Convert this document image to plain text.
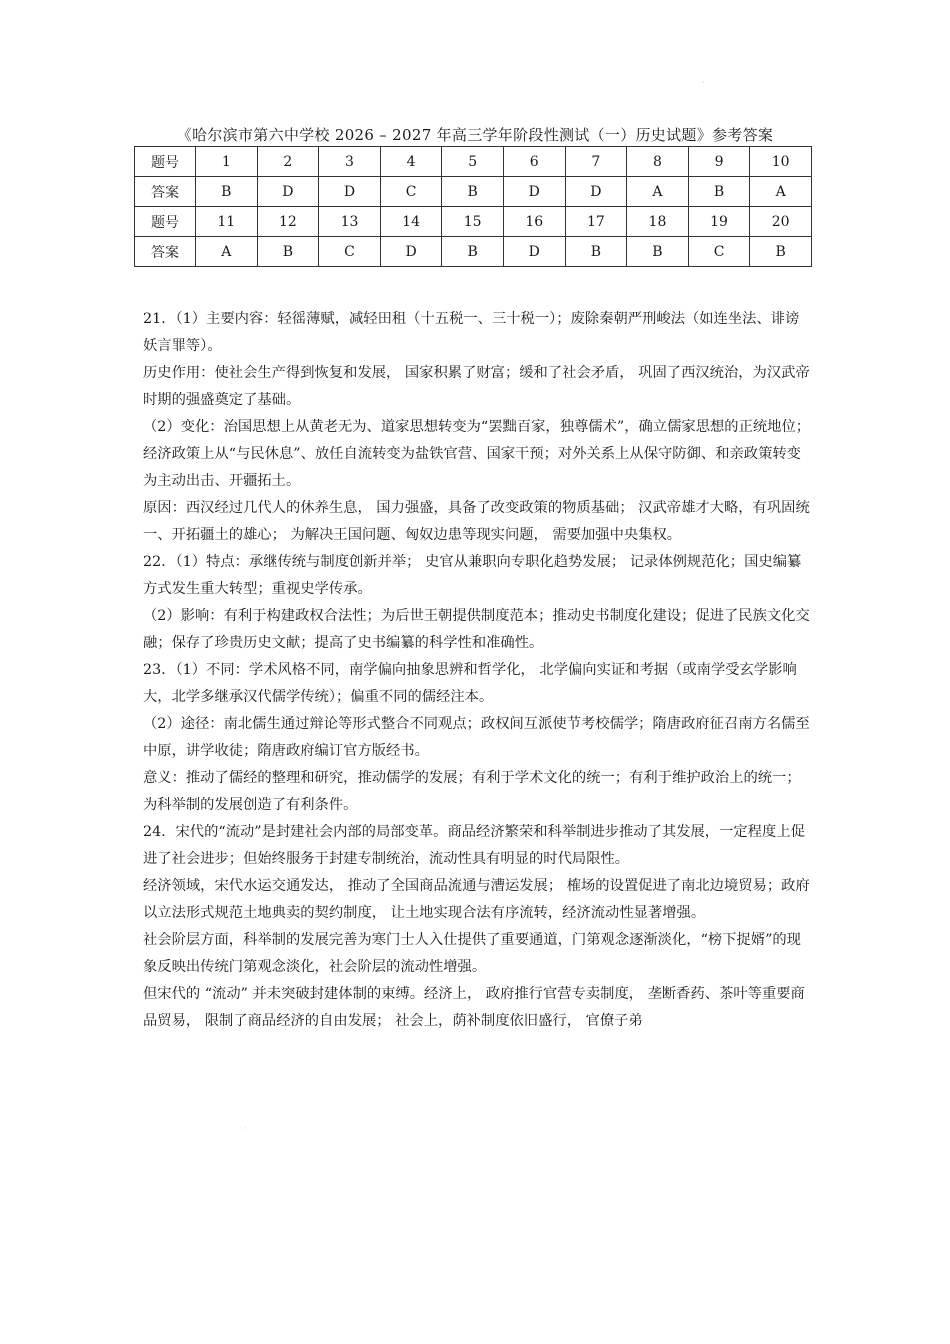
·
《哈尔滨市第六中学校 2026 – 2027 年高三学年阶段性测试（一）历史试题》参考答案
题号	1	2	3	4	5	6	7	8	9	10
答案	B	D	D	C	B	D	D	A	B	A
题号	11	12	13	14	15	16	17	18	19	20
答案	A	B	C	D	B	D	B	B	C	B

21．（1）主要内容：轻徭薄赋，减轻田租（十五税一、三十税一）；废除秦朝严刑峻法（如连坐法、诽谤妖言罪等）。

历史作用：使社会生产得到恢复和发展， 国家积累了财富；缓和了社会矛盾， 巩固了西汉统治，为汉武帝时期的强盛奠定了基础。

（2）变化：治国思想上从黄老无为、道家思想转变为“罢黜百家，独尊儒术”，确立儒家思想的正统地位；经济政策上从“与民休息”、放任自流转变为盐铁官营、国家干预；对外关系上从保守防御、和亲政策转变为主动出击、开疆拓土。

原因：西汉经过几代人的休养生息， 国力强盛，具备了改变政策的物质基础； 汉武帝雄才大略，有巩固统一、开拓疆土的雄心； 为解决王国问题、匈奴边患等现实问题， 需要加强中央集权。

22．（1）特点：承继传统与制度创新并举； 史官从兼职向专职化趋势发展； 记录体例规范化；国史编纂方式发生重大转型；重视史学传承。

（2）影响：有利于构建政权合法性；为后世王朝提供制度范本；推动史书制度化建设；促进了民族文化交融；保存了珍贵历史文献；提高了史书编纂的科学性和准确性。

23．（1）不同：学术风格不同，南学偏向抽象思辨和哲学化， 北学偏向实证和考据（或南学受玄学影响大，北学多继承汉代儒学传统）；偏重不同的儒经注本。

（2）途径：南北儒生通过辩论等形式整合不同观点；政权间互派使节考校儒学；隋唐政府征召南方名儒至中原，讲学收徒；隋唐政府编订官方版经书。

意义：推动了儒经的整理和研究，推动儒学的发展；有利于学术文化的统一；有利于维护政治上的统一；为科举制的发展创造了有利条件。

24．宋代的“流动”是封建社会内部的局部变革。商品经济繁荣和科举制进步推动了其发展，一定程度上促进了社会进步；但始终服务于封建专制统治，流动性具有明显的时代局限性。

经济领域，宋代水运交通发达， 推动了全国商品流通与漕运发展； 榷场的设置促进了南北边境贸易；政府以立法形式规范土地典卖的契约制度， 让土地实现合法有序流转，经济流动性显著增强。

社会阶层方面，科举制的发展完善为寒门士人入仕提供了重要通道，门第观念逐渐淡化，“榜下捉婿”的现象反映出传统门第观念淡化，社会阶层的流动性增强。

但宋代的 “流动” 并未突破封建体制的束缚。经济上， 政府推行官营专卖制度， 垄断香药、茶叶等重要商品贸易， 限制了商品经济的自由发展； 社会上，荫补制度依旧盛行， 官僚子弟

·
